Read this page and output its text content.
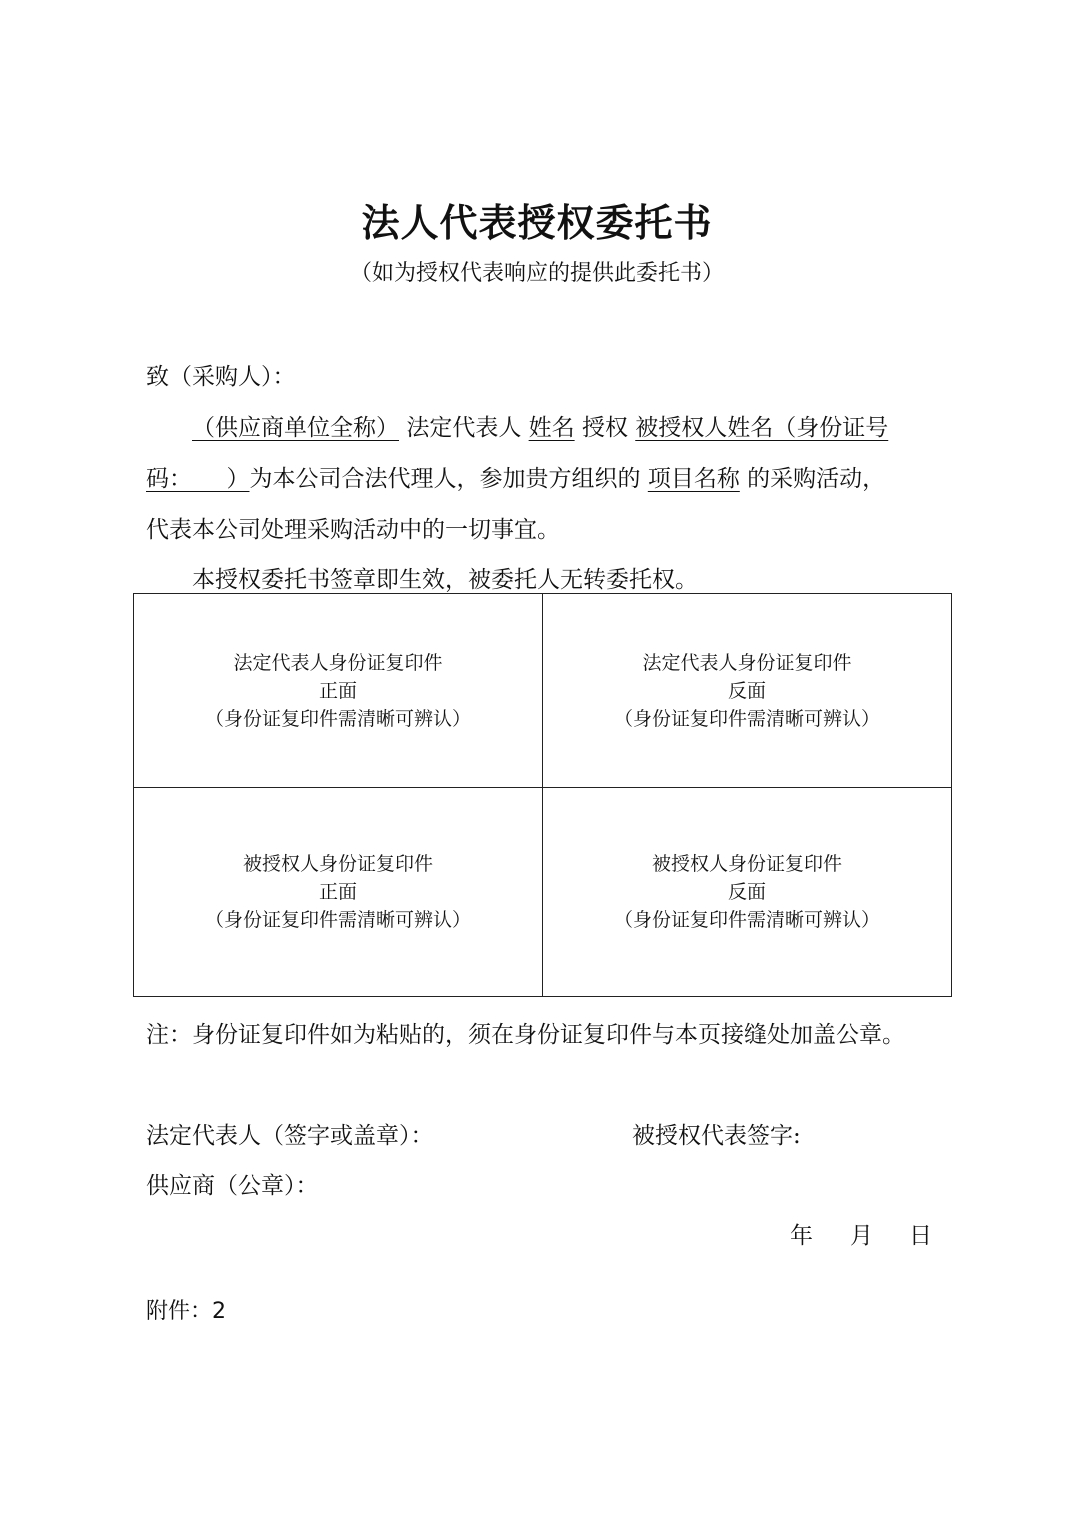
法人代表授权委托书
（如为授权代表响应的提供此委托书）
致（采购人）：
（供应商单位全称） 法定代表人 姓名 授权 被授权人姓名（身份证号
码：　　）为本公司合法代理人，参加贵方组织的 项目名称 的采购活动，
代表本公司处理采购活动中的一切事宜。
本授权委托书签章即生效，被委托人无转委托权。
法定代表人身份证复印件
正面
（身份证复印件需清晰可辨认）	法定代表人身份证复印件
反面
（身份证复印件需清晰可辨认）

被授权人身份证复印件
正面
（身份证复印件需清晰可辨认）	被授权人身份证复印件
反面
（身份证复印件需清晰可辨认）
注：身份证复印件如为粘贴的，须在身份证复印件与本页接缝处加盖公章。
法定代表人（签字或盖章）：	被授权代表签字:
供应商（公章）：
年 月 日
附件：2
